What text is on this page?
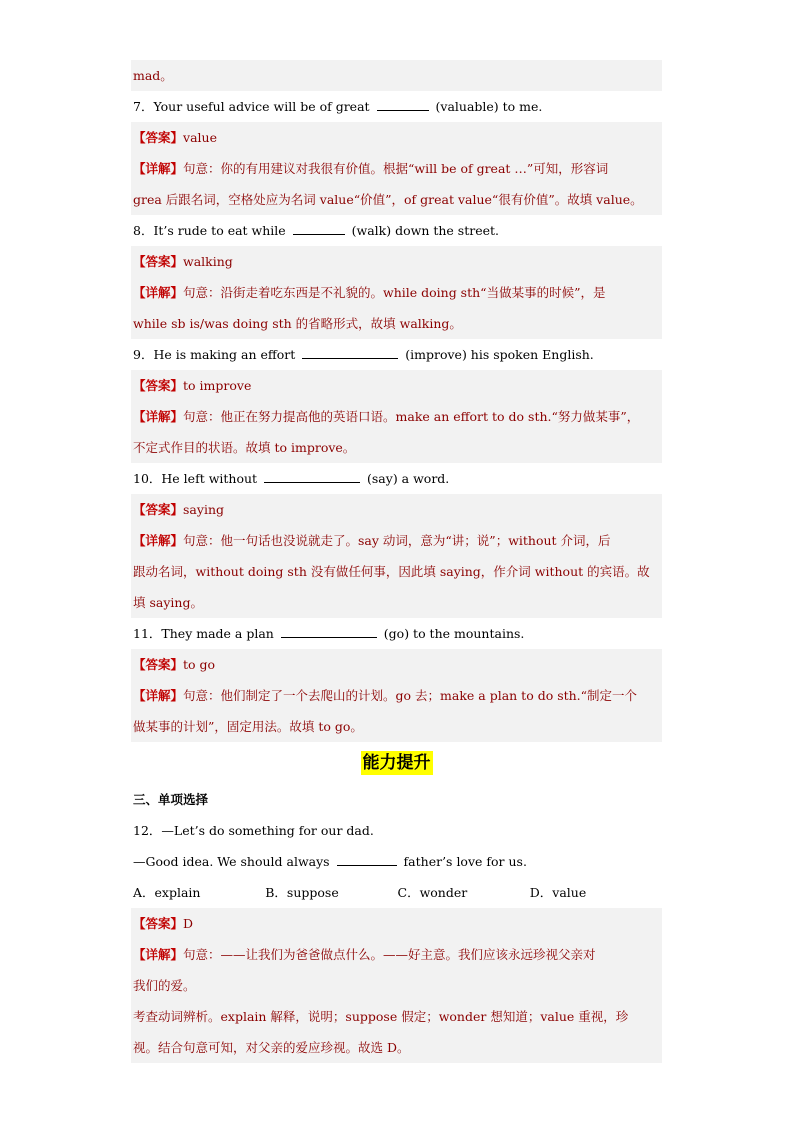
mad。
7．Your useful advice will be of great	(valuable) to me.
【答案】value
【详解】句意：你的有用建议对我很有价值。根据“will be of great …”可知，形容词
grea 后跟名词，空格处应为名词 value“价值”，of great value“很有价值”。故填 value。
8．It’s rude to eat while	(walk) down the street.
【答案】walking
【详解】句意：沿街走着吃东西是不礼貌的。while doing sth“当做某事的时候”，是
while sb is/was doing sth 的省略形式，故填 walking。
9．He is making an effort	(improve) his spoken English.
【答案】to improve
【详解】句意：他正在努力提高他的英语口语。make an effort to do sth.“努力做某事”，
不定式作目的状语。故填 to improve。
10．He left without	(say) a word.
【答案】saying
【详解】句意：他一句话也没说就走了。say 动词，意为“讲；说”；without 介词，后
跟动名词，without doing sth 没有做任何事，因此填 saying，作介词 without 的宾语。故
填 saying。
11．They made a plan	(go) to the mountains.
【答案】to go
【详解】句意：他们制定了一个去爬山的计划。go 去；make a plan to do sth.“制定一个
做某事的计划”，固定用法。故填 to go。
能力提升
三、单项选择
12．—Let’s do something for our dad.
—Good idea. We should always	father’s love for us.
A．explain	B．suppose	C．wonder	D．value
【答案】D
【详解】句意：——让我们为爸爸做点什么。——好主意。我们应该永远珍视父亲对
我们的爱。
考查动词辨析。explain 解释，说明；suppose 假定；wonder 想知道；value 重视，珍
视。结合句意可知，对父亲的爱应珍视。故选 D。
